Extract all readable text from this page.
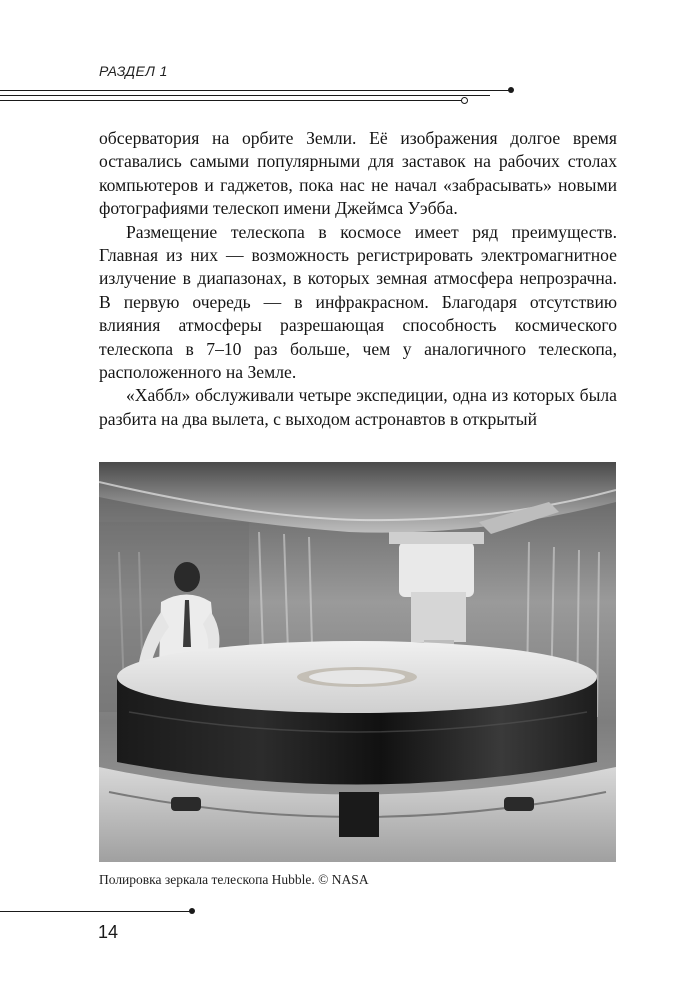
РАЗДЕЛ 1

обсерватория на орбите Земли. Её изображения долгое время оставались самыми популярными для заставок на рабочих столах компьютеров и гаджетов, пока нас не начал «забрасывать» новыми фотографиями телескоп имени Джеймса Уэбба.

Размещение телескопа в космосе имеет ряд преимуществ. Главная из них — возможность регистрировать электромагнитное излучение в диапазонах, в которых земная атмосфера непрозрачна. В первую очередь — в инфракрасном. Благодаря отсутствию влияния атмосферы разрешающая способность космического телескопа в 7–10 раз больше, чем у аналогичного телескопа, расположенного на Земле.

«Хаббл» обслуживали четыре экспедиции, одна из которых была разбита на два вылета, с выходом астронавтов в открытый

Полировка зеркала телескопа Hubble. © NASA
14
